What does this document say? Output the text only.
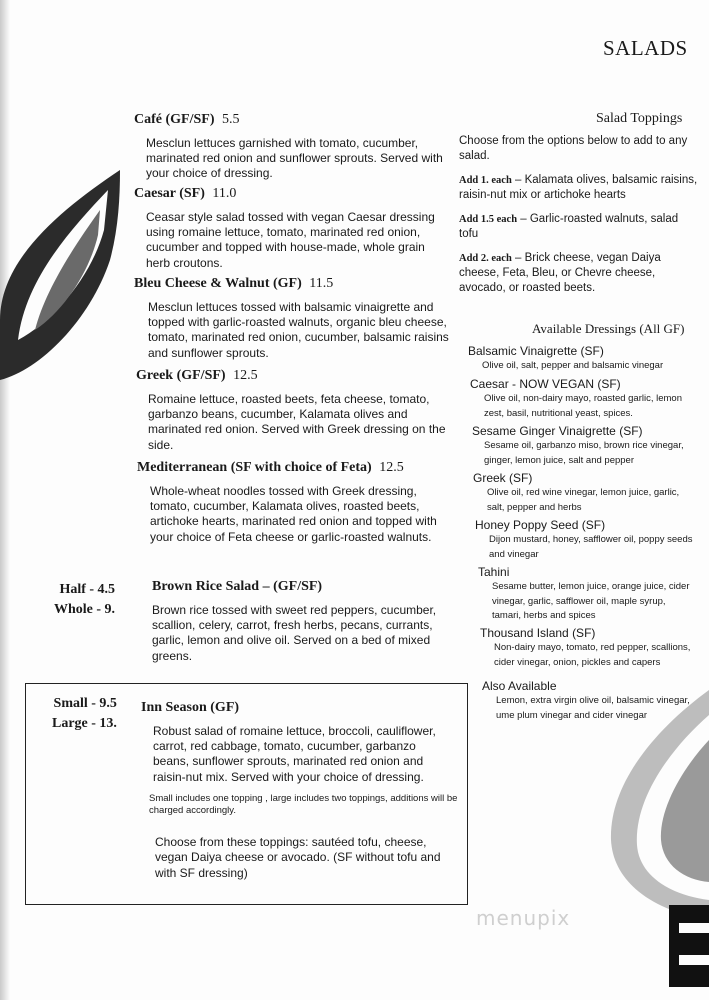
menupix
SALADS
Café (GF/SF) 5.5
Mesclun lettuces garnished with tomato, cucumber, marinated red onion and sunflower sprouts. Served with your choice of dressing.
Caesar (SF) 11.0
Ceasar style salad tossed with vegan Caesar dressing using romaine lettuce, tomato, marinated red onion, cucumber and topped with house-made, whole grain herb croutons.
Bleu Cheese & Walnut (GF) 11.5
Mesclun lettuces tossed with balsamic vinaigrette and topped with garlic-roasted walnuts, organic bleu cheese, tomato, marinated red onion, cucumber, balsamic raisins and sunflower sprouts.
Greek (GF/SF) 12.5
Romaine lettuce, roasted beets, feta cheese, tomato, garbanzo beans, cucumber, Kalamata olives and marinated red onion. Served with Greek dressing on the side.
Mediterranean (SF with choice of Feta) 12.5
Whole-wheat noodles tossed with Greek dressing, tomato, cucumber, Kalamata olives, roasted beets, artichoke hearts, marinated red onion and topped with your choice of Feta cheese or garlic-roasted walnuts.
Half - 4.5
Whole - 9.
Brown Rice Salad – (GF/SF)
Brown rice tossed with sweet red peppers, cucumber, scallion, celery, carrot, fresh herbs, pecans, currants, garlic, lemon and olive oil. Served on a bed of mixed greens.
Small - 9.5
Large - 13.
Inn Season (GF)
Robust salad of romaine lettuce, broccoli, cauliflower, carrot, red cabbage, tomato, cucumber, garbanzo beans, sunflower sprouts, marinated red onion and raisin-nut mix. Served with your choice of dressing.
Small includes one topping , large includes two toppings, additions will be charged accordingly.
Choose from these toppings: sautéed tofu, cheese, vegan Daiya cheese or avocado. (SF without tofu and with SF dressing)
Salad Toppings

Choose from the options below to add to any salad.

Add 1. each – Kalamata olives, balsamic raisins, raisin-nut mix or artichoke hearts

Add 1.5 each – Garlic-roasted walnuts, salad tofu

Add 2. each – Brick cheese, vegan Daiya cheese, Feta, Bleu, or Chevre cheese, avocado, or roasted beets.

Available Dressings (All GF)
Balsamic Vinaigrette (SF)
Olive oil, salt, pepper and balsamic vinegar
Caesar - NOW VEGAN (SF)
Olive oil, non-dairy mayo, roasted garlic, lemon zest, basil, nutritional yeast, spices.
Sesame Ginger Vinaigrette (SF)
Sesame oil, garbanzo miso, brown rice vinegar, ginger, lemon juice, salt and pepper
Greek (SF)
Olive oil, red wine vinegar, lemon juice, garlic, salt, pepper and herbs
Honey Poppy Seed (SF)
Dijon mustard, honey, safflower oil, poppy seeds and vinegar
Tahini
Sesame butter, lemon juice, orange juice, cider vinegar, garlic, safflower oil, maple syrup, tamari, herbs and spices
Thousand Island (SF)
Non-dairy mayo, tomato, red pepper, scallions, cider vinegar, onion, pickles and capers
Also Available
Lemon, extra virgin olive oil, balsamic vinegar, ume plum vinegar and cider vinegar
